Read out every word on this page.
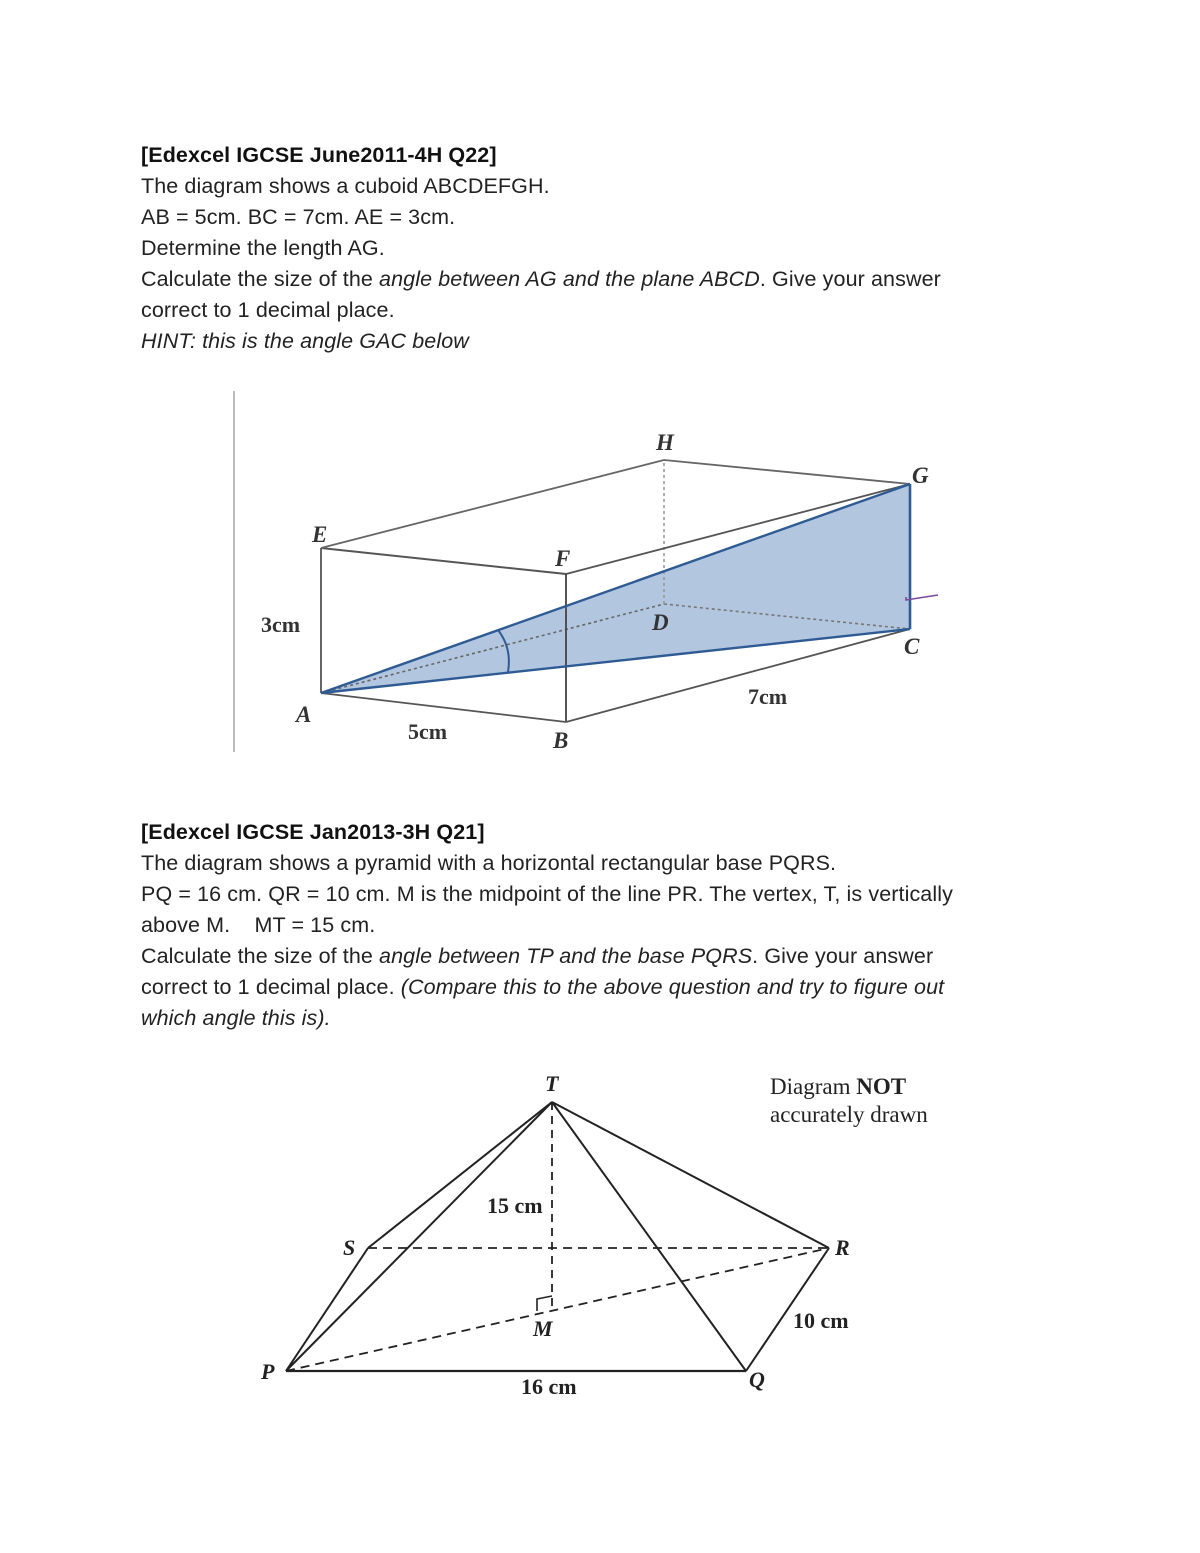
[Edexcel IGCSE June2011-4H Q22]
The diagram shows a cuboid ABCDEFGH.
AB = 5cm. BC = 7cm. AE = 3cm.
Determine the length AG.
Calculate the size of the angle between AG and the plane ABCD. Give your answer
correct to 1 decimal place.
HINT: this is the angle GAC below
H
G
E
F
D
C
A
B
3cm
5cm
7cm
[Edexcel IGCSE Jan2013-3H Q21]
The diagram shows a pyramid with a horizontal rectangular base PQRS.
PQ = 16 cm. QR = 10 cm. M is the midpoint of the line PR. The vertex, T, is vertically
above M.    MT = 15 cm.
Calculate the size of the angle between TP and the base PQRS. Give your answer
correct to 1 decimal place. (Compare this to the above question and try to figure out
which angle this is).
T
S	R
M
P	Q
15 cm
10 cm
16 cm
Diagram NOT
accurately drawn
